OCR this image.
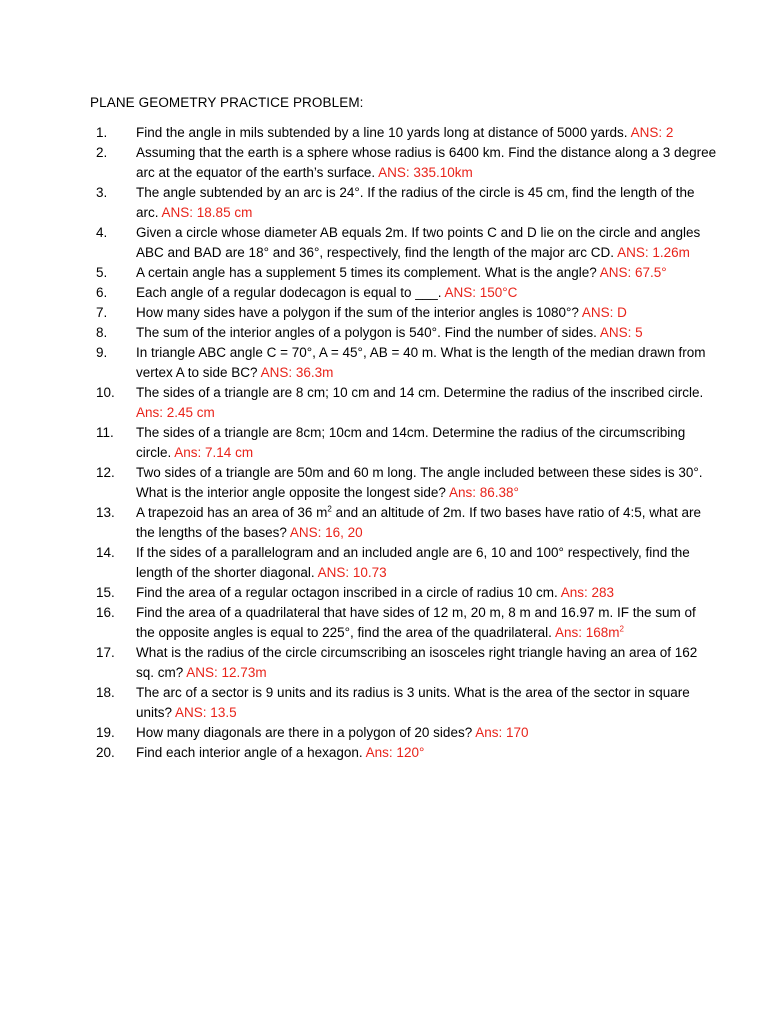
PLANE GEOMETRY PRACTICE PROBLEM:
1.	Find the angle in mils subtended by a line 10 yards long at distance of 5000 yards. ANS: 2
2.	Assuming that the earth is a sphere whose radius is 6400 km. Find the distance along a 3 degree
arc at the equator of the earth’s surface. ANS: 335.10km
3.	The angle subtended by an arc is 24°. If the radius of the circle is 45 cm, find the length of the
arc. ANS: 18.85 cm
4.	Given a circle whose diameter AB equals 2m. If two points C and D lie on the circle and angles
ABC and BAD are 18° and 36°, respectively, find the length of the major arc CD. ANS: 1.26m
5.	A certain angle has a supplement 5 times its complement. What is the angle? ANS: 67.5°
6.	Each angle of a regular dodecagon is equal to ___. ANS: 150°C
7.	How many sides have a polygon if the sum of the interior angles is 1080°? ANS: D
8.	The sum of the interior angles of a polygon is 540°. Find the number of sides. ANS: 5
9.	In triangle ABC angle C = 70°, A = 45°, AB = 40 m. What is the length of the median drawn from
vertex A to side BC? ANS: 36.3m
10.	The sides of a triangle are 8 cm; 10 cm and 14 cm. Determine the radius of the inscribed circle.
Ans: 2.45 cm
11.	The sides of a triangle are 8cm; 10cm and 14cm. Determine the radius of the circumscribing
circle. Ans: 7.14 cm
12.	Two sides of a triangle are 50m and 60 m long. The angle included between these sides is 30°.
What is the interior angle opposite the longest side? Ans: 86.38°
13.	A trapezoid has an area of 36 $m^2$ and an altitude of 2m. If two bases have ratio of 4:5, what are
the lengths of the bases? ANS: 16, 20
14.	If the sides of a parallelogram and an included angle are 6, 10 and 100° respectively, find the
length of the shorter diagonal. ANS: 10.73
15.	Find the area of a regular octagon inscribed in a circle of radius 10 cm. Ans: 283
16.	Find the area of a quadrilateral that have sides of 12 m, 20 m, 8 m and 16.97 m. IF the sum of
the opposite angles is equal to 225°, find the area of the quadrilateral. Ans: $168m^2$
17.	What is the radius of the circle circumscribing an isosceles right triangle having an area of 162
sq. cm? ANS: 12.73m
18.	The arc of a sector is 9 units and its radius is 3 units. What is the area of the sector in square
units? ANS: 13.5
19.	How many diagonals are there in a polygon of 20 sides? Ans: 170
20.	Find each interior angle of a hexagon. Ans: 120°
